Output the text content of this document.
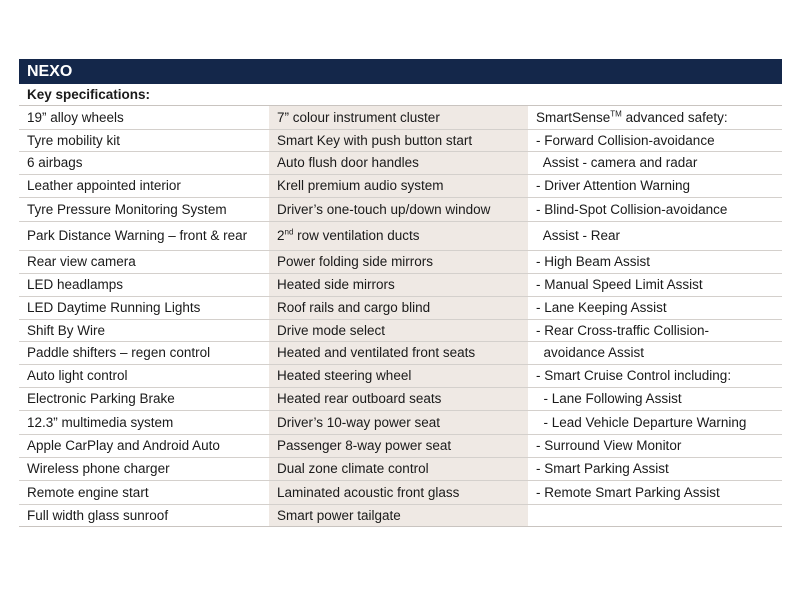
NEXO
Key specifications:
19” alloy wheels	7” colour instrument cluster	SmartSense™ advanced safety:
Tyre mobility kit	Smart Key with push button start	- Forward Collision-avoidance
6 airbags	Auto flush door handles	Assist - camera and radar
Leather appointed interior	Krell premium audio system	- Driver Attention Warning
Tyre Pressure Monitoring System	Driver’s one-touch up/down window	- Blind-Spot Collision-avoidance
Park Distance Warning – front & rear	2nd row ventilation ducts	Assist - Rear
Rear view camera	Power folding side mirrors	- High Beam Assist
LED headlamps	Heated side mirrors	- Manual Speed Limit Assist
LED Daytime Running Lights	Roof rails and cargo blind	- Lane Keeping Assist
Shift By Wire	Drive mode select	- Rear Cross-traffic Collision-
Paddle shifters – regen control	Heated and ventilated front seats	avoidance Assist
Auto light control	Heated steering wheel	- Smart Cruise Control including:
Electronic Parking Brake	Heated rear outboard seats	- Lane Following Assist
12.3” multimedia system	Driver’s 10-way power seat	- Lead Vehicle Departure Warning
Apple CarPlay and Android Auto	Passenger 8-way power seat	- Surround View Monitor
Wireless phone charger	Dual zone climate control	- Smart Parking Assist
Remote engine start	Laminated acoustic front glass	- Remote Smart Parking Assist
Full width glass sunroof	Smart power tailgate	
